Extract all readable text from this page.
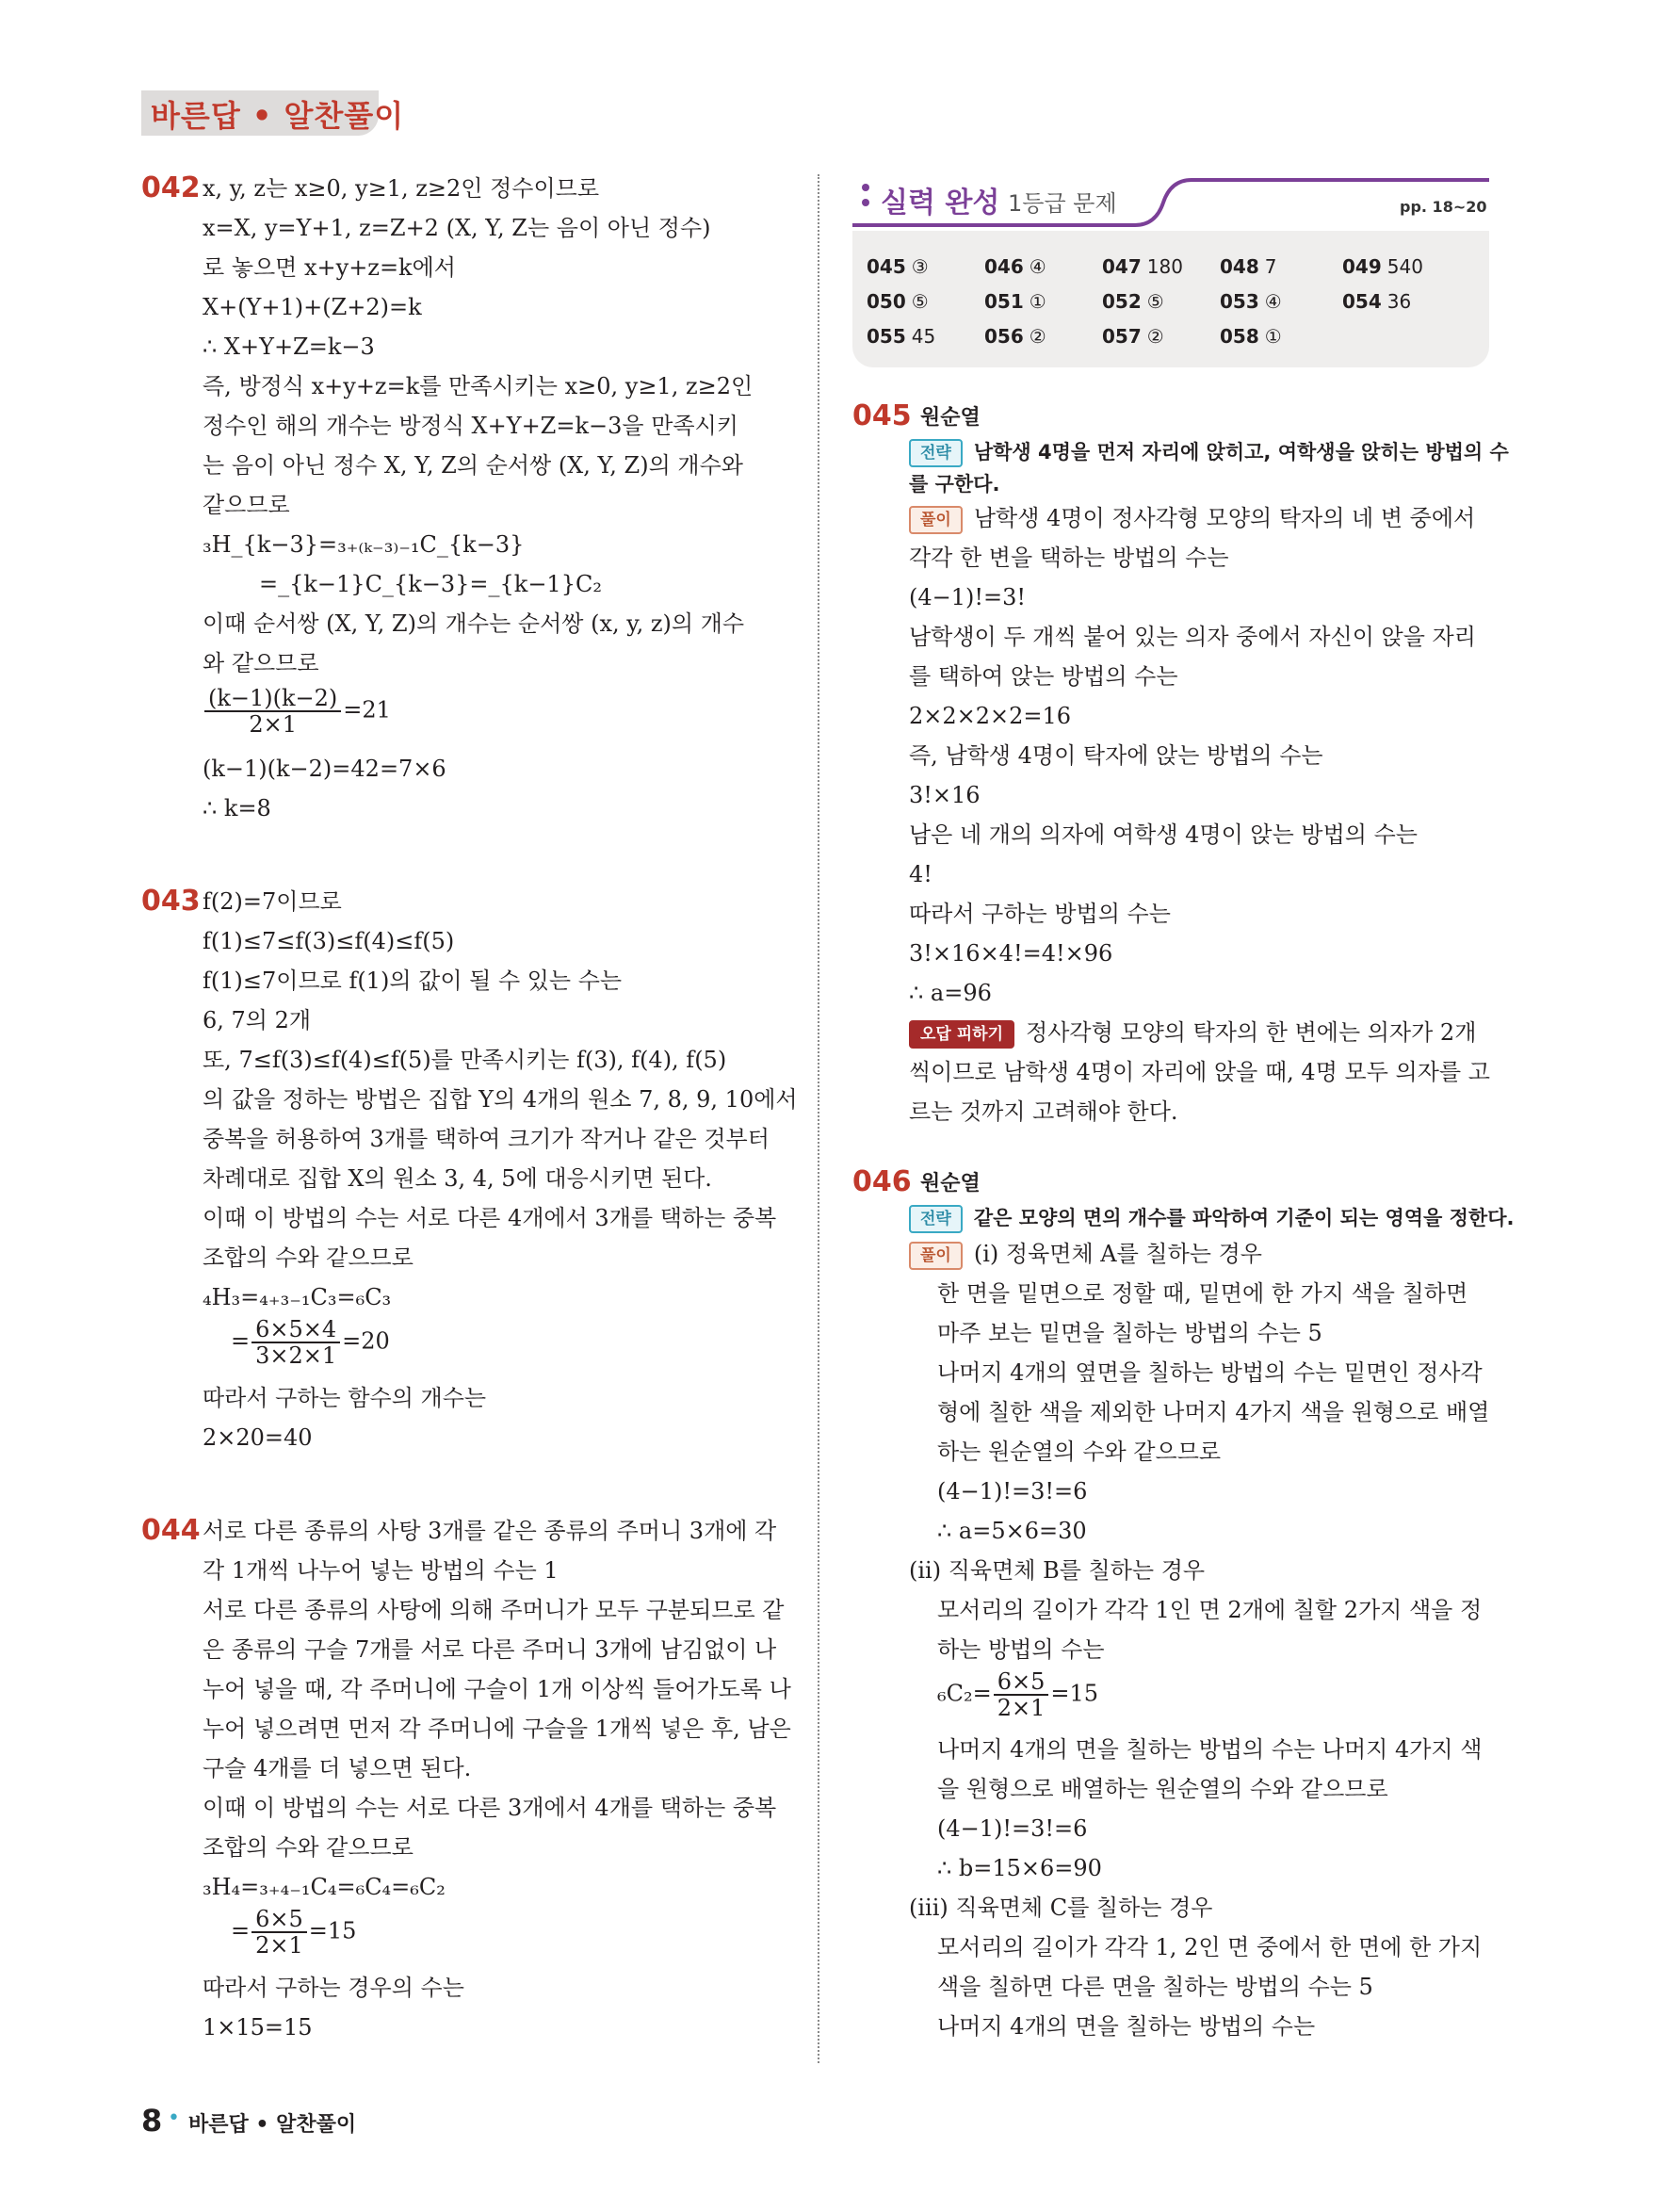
바른답 • 알찬풀이
042 x, y, z는 x≥0, y≥1, z≥2인 정수이므로
x=X, y=Y+1, z=Z+2 (X, Y, Z는 음이 아닌 정수)
로 놓으면 x+y+z=k에서
X+(Y+1)+(Z+2)=k
∴ X+Y+Z=k−3
즉, 방정식 x+y+z=k를 만족시키는 x≥0, y≥1, z≥2인
정수인 해의 개수는 방정식 X+Y+Z=k−3을 만족시키
는 음이 아닌 정수 X, Y, Z의 순서쌍 (X, Y, Z)의 개수와
같으므로
₃H_{k−3}=₃₊₍ₖ₋₃₎₋₁C_{k−3}
=_{k−1}C_{k−3}=_{k−1}C₂
이때 순서쌍 (X, Y, Z)의 개수는 순서쌍 (x, y, z)의 개수
와 같으므로
$\frac{(k-1)(k-2)}{2\times 1} =21$
(k−1)(k−2)=42=7×6
∴ k=8
043 f(2)=7이므로
f(1)≤7≤f(3)≤f(4)≤f(5)
f(1)≤7이므로 f(1)의 값이 될 수 있는 수는
6, 7의 2개
또, 7≤f(3)≤f(4)≤f(5)를 만족시키는 f(3), f(4), f(5)
의 값을 정하는 방법은 집합 Y의 4개의 원소 7, 8, 9, 10에서
중복을 허용하여 3개를 택하여 크기가 작거나 같은 것부터
차례대로 집합 X의 원소 3, 4, 5에 대응시키면 된다.
이때 이 방법의 수는 서로 다른 4개에서 3개를 택하는 중복
조합의 수와 같으므로
₄H₃=₄₊₃₋₁C₃=₆C₃
= $\frac{6\times 5\times 4}{3\times 2\times 1} =20$
따라서 구하는 함수의 개수는
2×20=40
044 서로 다른 종류의 사탕 3개를 같은 종류의 주머니 3개에 각
각 1개씩 나누어 넣는 방법의 수는 1
서로 다른 종류의 사탕에 의해 주머니가 모두 구분되므로 같
은 종류의 구슬 7개를 서로 다른 주머니 3개에 남김없이 나
누어 넣을 때, 각 주머니에 구슬이 1개 이상씩 들어가도록 나
누어 넣으려면 먼저 각 주머니에 구슬을 1개씩 넣은 후, 남은
구슬 4개를 더 넣으면 된다.
이때 이 방법의 수는 서로 다른 3개에서 4개를 택하는 중복
조합의 수와 같으므로
₃H₄=₃₊₄₋₁C₄=₆C₄=₆C₂
= $\frac{6\times 5}{2\times 1} =15$
따라서 구하는 경우의 수는
1×15=15
실력 완성 1등급 문제	pp. 18~20
045 ③	046 ④	047 180 048 7	049 540
050 ⑤	051 ①	052 ⑤	053 ④	054 36
055 45	056 ②	057 ②	058 ①
045 원순열
전략 남학생 4명을 먼저 자리에 앉히고, 여학생을 앉히는 방법의 수
를 구한다.
풀이 남학생 4명이 정사각형 모양의 탁자의 네 변 중에서
각각 한 변을 택하는 방법의 수는
(4−1)!=3!
남학생이 두 개씩 붙어 있는 의자 중에서 자신이 앉을 자리
를 택하여 앉는 방법의 수는
2×2×2×2=16
즉, 남학생 4명이 탁자에 앉는 방법의 수는
3!×16
남은 네 개의 의자에 여학생 4명이 앉는 방법의 수는
4!
따라서 구하는 방법의 수는
3!×16×4!=4!×96
∴ a=96
오답 피하기 정사각형 모양의 탁자의 한 변에는 의자가 2개
씩이므로 남학생 4명이 자리에 앉을 때, 4명 모두 의자를 고
르는 것까지 고려해야 한다.
046 원순열
전략 같은 모양의 면의 개수를 파악하여 기준이 되는 영역을 정한다.
풀이 (i) 정육면체 A를 칠하는 경우
한 면을 밑면으로 정할 때, 밑면에 한 가지 색을 칠하면
마주 보는 밑면을 칠하는 방법의 수는 5
나머지 4개의 옆면을 칠하는 방법의 수는 밑면인 정사각
형에 칠한 색을 제외한 나머지 4가지 색을 원형으로 배열
하는 원순열의 수와 같으므로
(4−1)!=3!=6
∴ a=5×6=30
(ii) 직육면체 B를 칠하는 경우
모서리의 길이가 각각 1인 면 2개에 칠할 2가지 색을 정
하는 방법의 수는
$_6C_2= \frac{6\times 5}{2\times 1} =15$
나머지 4개의 면을 칠하는 방법의 수는 나머지 4가지 색
을 원형으로 배열하는 원순열의 수와 같으므로
(4−1)!=3!=6
∴ b=15×6=90
(iii) 직육면체 C를 칠하는 경우
모서리의 길이가 각각 1, 2인 면 중에서 한 면에 한 가지
색을 칠하면 다른 면을 칠하는 방법의 수는 5
나머지 4개의 면을 칠하는 방법의 수는
8 • 바른답 • 알찬풀이
